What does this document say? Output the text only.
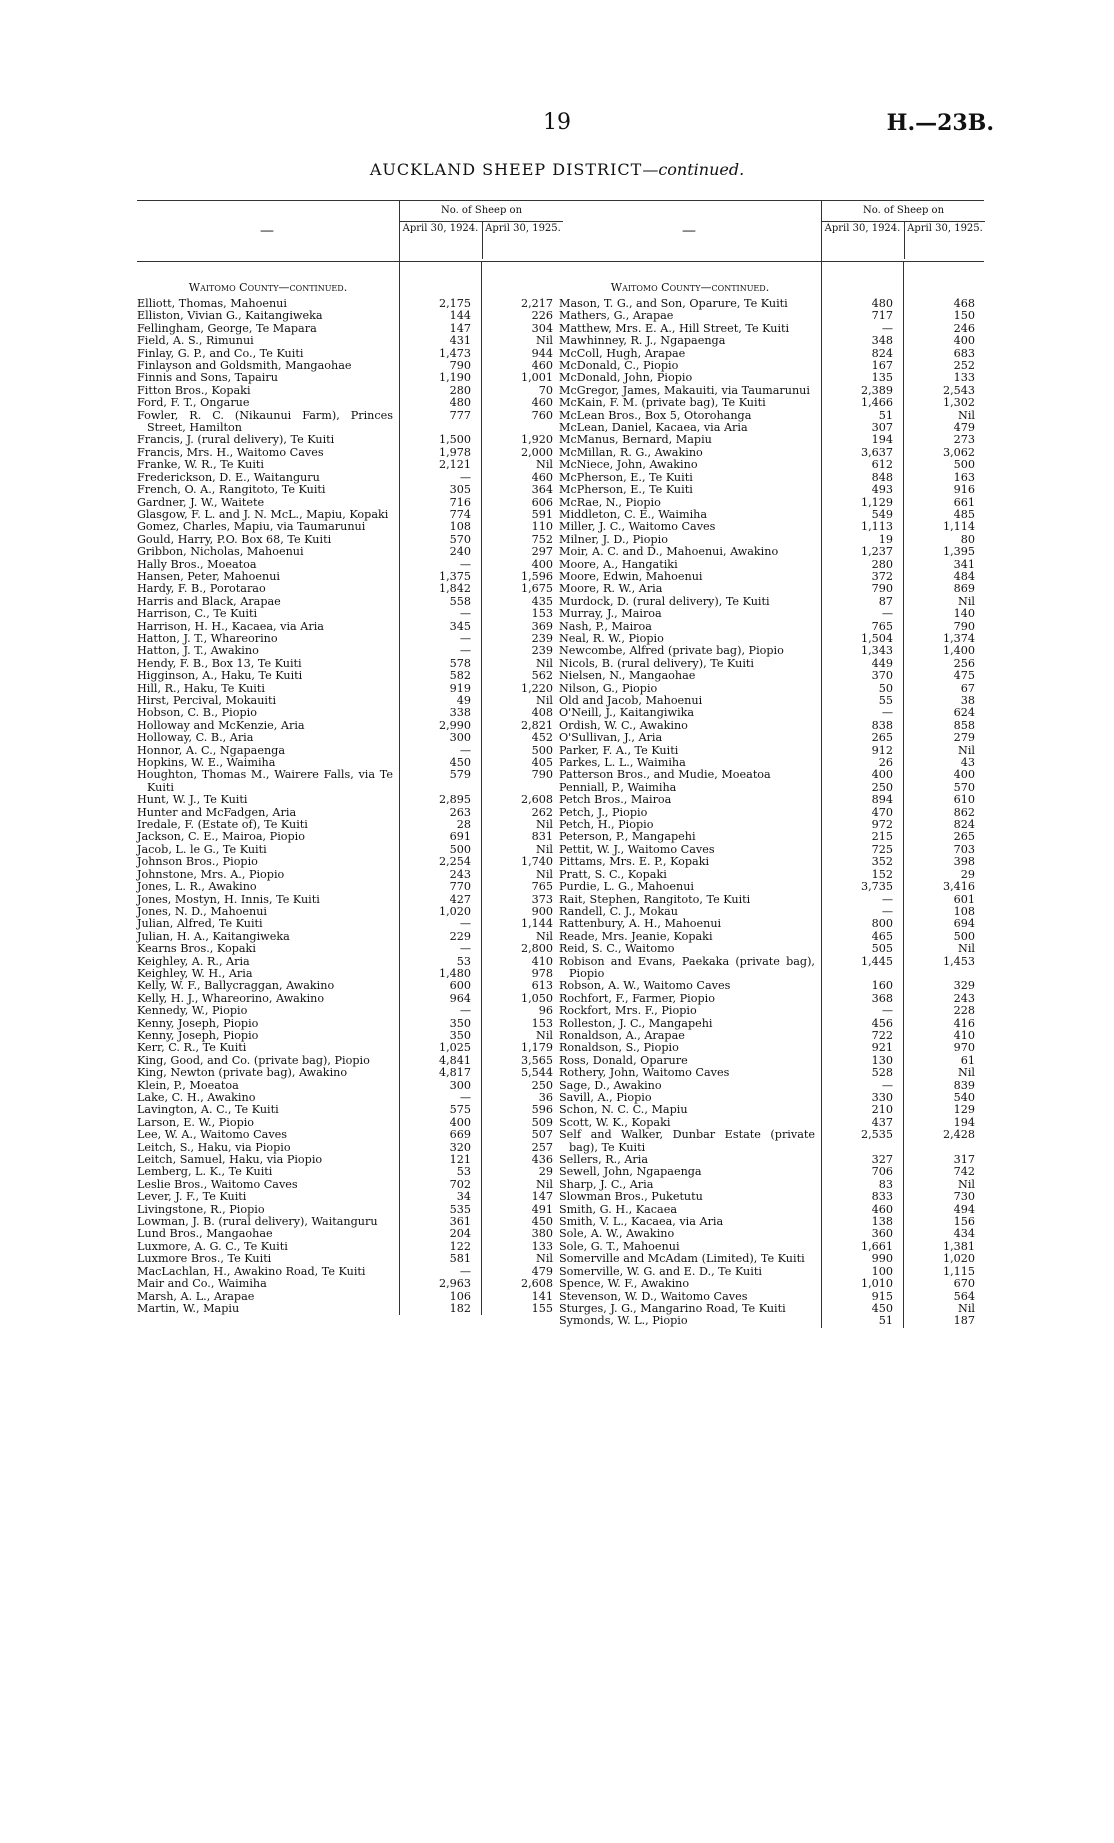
19	H.—23B.
AUCKLAND SHEEP DISTRICT—continued.
—
No. of Sheep on
April 30, 1924. April 30, 1925.
Waitomo County—continued.
Elliott, Thomas, Mahoenui	2,175	2,217
Elliston, Vivian G., Kaitangiweka	144	226
Fellingham, George, Te Mapara	147	304
Field, A. S., Rimunui	431	Nil
Finlay, G. P., and Co., Te Kuiti	1,473	944
Finlayson and Goldsmith, Mangaohae	790	460
Finnis and Sons, Tapairu	1,190	1,001
Fitton Bros., Kopaki	280	70
Ford, F. T., Ongarue	480	460
Fowler, R. C. (Nikaunui Farm), Princes Street, Hamilton
777	760
Francis, J. (rural delivery), Te Kuiti	1,500	1,920
Francis, Mrs. H., Waitomo Caves	1,978	2,000
Franke, W. R., Te Kuiti	2,121	Nil
Frederickson, D. E., Waitanguru	—	460
French, O. A., Rangitoto, Te Kuiti	305	364
Gardner, J. W., Waitete	716	606
Glasgow, F. L. and J. N. McL., Mapiu, Kopaki	774	591
Gomez, Charles, Mapiu, via Taumarunui	108	110
Gould, Harry, P.O. Box 68, Te Kuiti	570	752
Gribbon, Nicholas, Mahoenui	240	297
Hally Bros., Moeatoa	—	400
Hansen, Peter, Mahoenui	1,375	1,596
Hardy, F. B., Porotarao	1,842	1,675
Harris and Black, Arapae	558	435
Harrison, C., Te Kuiti	—	153
Harrison, H. H., Kacaea, via Aria	345	369
Hatton, J. T., Whareorino	—	239
Hatton, J. T., Awakino	—	239
Hendy, F. B., Box 13, Te Kuiti	578	Nil
Higginson, A., Haku, Te Kuiti	582	562
Hill, R., Haku, Te Kuiti	919	1,220
Hirst, Percival, Mokauiti	49	Nil
Hobson, C. B., Piopio	338	408
Holloway and McKenzie, Aria	2,990	2,821
Holloway, C. B., Aria	300	452
Honnor, A. C., Ngapaenga	—	500
Hopkins, W. E., Waimiha	450	405
Houghton, Thomas M., Wairere Falls, via Te Kuiti
579	790
Hunt, W. J., Te Kuiti	2,895	2,608
Hunter and McFadgen, Aria	263	262
Iredale, F. (Estate of), Te Kuiti	28	Nil
Jackson, C. E., Mairoa, Piopio	691	831
Jacob, L. le G., Te Kuiti	500	Nil
Johnson Bros., Piopio	2,254	1,740
Johnstone, Mrs. A., Piopio	243	Nil
Jones, L. R., Awakino	770	765
Jones, Mostyn, H. Innis, Te Kuiti	427	373
Jones, N. D., Mahoenui	1,020	900
Julian, Alfred, Te Kuiti	—	1,144
Julian, H. A., Kaitangiweka	229	Nil
Kearns Bros., Kopaki	—	2,800
Keighley, A. R., Aria	53	410
Keighley, W. H., Aria	1,480	978
Kelly, W. F., Ballycraggan, Awakino	600	613
Kelly, H. J., Whareorino, Awakino	964	1,050
Kennedy, W., Piopio	—	96
Kenny, Joseph, Piopio	350	153
Kenny, Joseph, Piopio	350	Nil
Kerr, C. R., Te Kuiti	1,025	1,179
King, Good, and Co. (private bag), Piopio	4,841	3,565
King, Newton (private bag), Awakino	4,817	5,544
Klein, P., Moeatoa	300	250
Lake, C. H., Awakino	—	36
Lavington, A. C., Te Kuiti	575	596
Larson, E. W., Piopio	400	509
Lee, W. A., Waitomo Caves	669	507
Leitch, S., Haku, via Piopio	320	257
Leitch, Samuel, Haku, via Piopio	121	436
Lemberg, L. K., Te Kuiti	53	29
Leslie Bros., Waitomo Caves	702	Nil
Lever, J. F., Te Kuiti	34	147
Livingstone, R., Piopio	535	491
Lowman, J. B. (rural delivery), Waitanguru	361	450
Lund Bros., Mangaohae	204	380
Luxmore, A. G. C., Te Kuiti	122	133
Luxmore Bros., Te Kuiti	581	Nil
MacLachlan, H., Awakino Road, Te Kuiti	—	479
Mair and Co., Waimiha	2,963	2,608
Marsh, A. L., Arapae	106	141
Martin, W., Mapiu	182	155
—
No. of Sheep on
April 30, 1924. April 30, 1925.
Waitomo County—continued.
Mason, T. G., and Son, Oparure, Te Kuiti	480	468
Mathers, G., Arapae	717	150
Matthew, Mrs. E. A., Hill Street, Te Kuiti	—	246
Mawhinney, R. J., Ngapaenga	348	400
McColl, Hugh, Arapae	824	683
McDonald, C., Piopio	167	252
McDonald, John, Piopio	135	133
McGregor, James, Makauiti, via Taumarunui	2,389	2,543
McKain, F. M. (private bag), Te Kuiti	1,466	1,302
McLean Bros., Box 5, Otorohanga	51	Nil
McLean, Daniel, Kacaea, via Aria	307	479
McManus, Bernard, Mapiu	194	273
McMillan, R. G., Awakino	3,637	3,062
McNiece, John, Awakino	612	500
McPherson, E., Te Kuiti	848	163
McPherson, E., Te Kuiti	493	916
McRae, N., Piopio	1,129	661
Middleton, C. E., Waimiha	549	485
Miller, J. C., Waitomo Caves	1,113	1,114
Milner, J. D., Piopio	19	80
Moir, A. C. and D., Mahoenui, Awakino	1,237	1,395
Moore, A., Hangatiki	280	341
Moore, Edwin, Mahoenui	372	484
Moore, R. W., Aria	790	869
Murdock, D. (rural delivery), Te Kuiti	87	Nil
Murray, J., Mairoa	—	140
Nash, P., Mairoa	765	790
Neal, R. W., Piopio	1,504	1,374
Newcombe, Alfred (private bag), Piopio	1,343	1,400
Nicols, B. (rural delivery), Te Kuiti	449	256
Nielsen, N., Mangaohae	370	475
Nilson, G., Piopio	50	67
Old and Jacob, Mahoenui	55	38
O'Neill, J., Kaitangiwika	—	624
Ordish, W. C., Awakino	838	858
O'Sullivan, J., Aria	265	279
Parker, F. A., Te Kuiti	912	Nil
Parkes, L. L., Waimiha	26	43
Patterson Bros., and Mudie, Moeatoa	400	400
Penniall, P., Waimiha	250	570
Petch Bros., Mairoa	894	610
Petch, J., Piopio	470	862
Petch, H., Piopio	972	824
Peterson, P., Mangapehi	215	265
Pettit, W. J., Waitomo Caves	725	703
Pittams, Mrs. E. P., Kopaki	352	398
Pratt, S. C., Kopaki	152	29
Purdie, L. G., Mahoenui	3,735	3,416
Rait, Stephen, Rangitoto, Te Kuiti	—	601
Randell, C. J., Mokau	—	108
Rattenbury, A. H., Mahoenui	800	694
Reade, Mrs. Jeanie, Kopaki	465	500
Reid, S. C., Waitomo	505	Nil
Robison and Evans, Paekaka (private bag), Piopio
1,445	1,453
Robson, A. W., Waitomo Caves	160	329
Rochfort, F., Farmer, Piopio	368	243
Rockfort, Mrs. F., Piopio	—	228
Rolleston, J. C., Mangapehi	456	416
Ronaldson, A., Arapae	722	410
Ronaldson, S., Piopio	921	970
Ross, Donald, Oparure	130	61
Rothery, John, Waitomo Caves	528	Nil
Sage, D., Awakino	—	839
Savill, A., Piopio	330	540
Schon, N. C. C., Mapiu	210	129
Scott, W. K., Kopaki	437	194
Self and Walker, Dunbar Estate (private bag), Te Kuiti
2,535	2,428
Sellers, R., Aria	327	317
Sewell, John, Ngapaenga	706	742
Sharp, J. C., Aria	83	Nil
Slowman Bros., Puketutu	833	730
Smith, G. H., Kacaea	460	494
Smith, V. L., Kacaea, via Aria	138	156
Sole, A. W., Awakino	360	434
Sole, G. T., Mahoenui	1,661	1,381
Somerville and McAdam (Limited), Te Kuiti	990	1,020
Somerville, W. G. and E. D., Te Kuiti	100	1,115
Spence, W. F., Awakino	1,010	670
Stevenson, W. D., Waitomo Caves	915	564
Sturges, J. G., Mangarino Road, Te Kuiti	450	Nil
Symonds, W. L., Piopio	51	187
